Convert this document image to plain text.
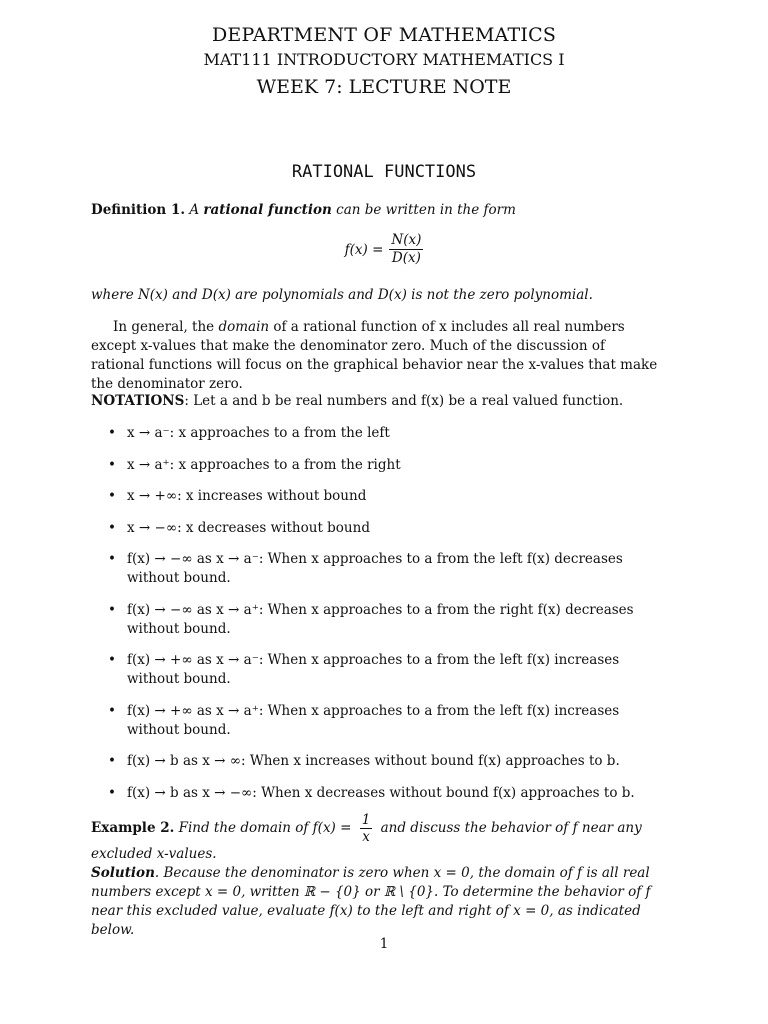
DEPARTMENT OF MATHEMATICS
MAT111 INTRODUCTORY MATHEMATICS I
WEEK 7: LECTURE NOTE
RATIONAL FUNCTIONS
Definition 1. A rational function can be written in the form
$f(x) = \frac{N(x)}{D(x)}$
where N(x) and D(x) are polynomials and D(x) is not the zero polynomial.
In general, the domain of a rational function of x includes all real numbers except x-values that make the denominator zero. Much of the discussion of rational functions will focus on the graphical behavior near the x-values that make the denominator zero.
NOTATIONS: Let a and b be real numbers and f(x) be a real valued function.
• x → a⁻: x approaches to a from the left
• x → a⁺: x approaches to a from the right
• x → +∞: x increases without bound
• x → −∞: x decreases without bound
• f(x) → −∞ as x → a⁻: When x approaches to a from the left f(x) decreases without bound.
• f(x) → −∞ as x → a⁺: When x approaches to a from the right f(x) decreases without bound.
• f(x) → +∞ as x → a⁻: When x approaches to a from the left f(x) increases without bound.
• f(x) → +∞ as x → a⁺: When x approaches to a from the left f(x) increases without bound.
• f(x) → b as x → ∞: When x increases without bound f(x) approaches to b.
• f(x) → b as x → −∞: When x decreases without bound f(x) approaches to b.
Example 2. Find the domain of $f(x) = \frac{1}{x}$ and discuss the behavior of f near any excluded x-values.
Solution. Because the denominator is zero when x = 0, the domain of f is all real numbers except x = 0, written ℝ − {0} or ℝ \ {0}. To determine the behavior of f near this excluded value, evaluate f(x) to the left and right of x = 0, as indicated below.
1
